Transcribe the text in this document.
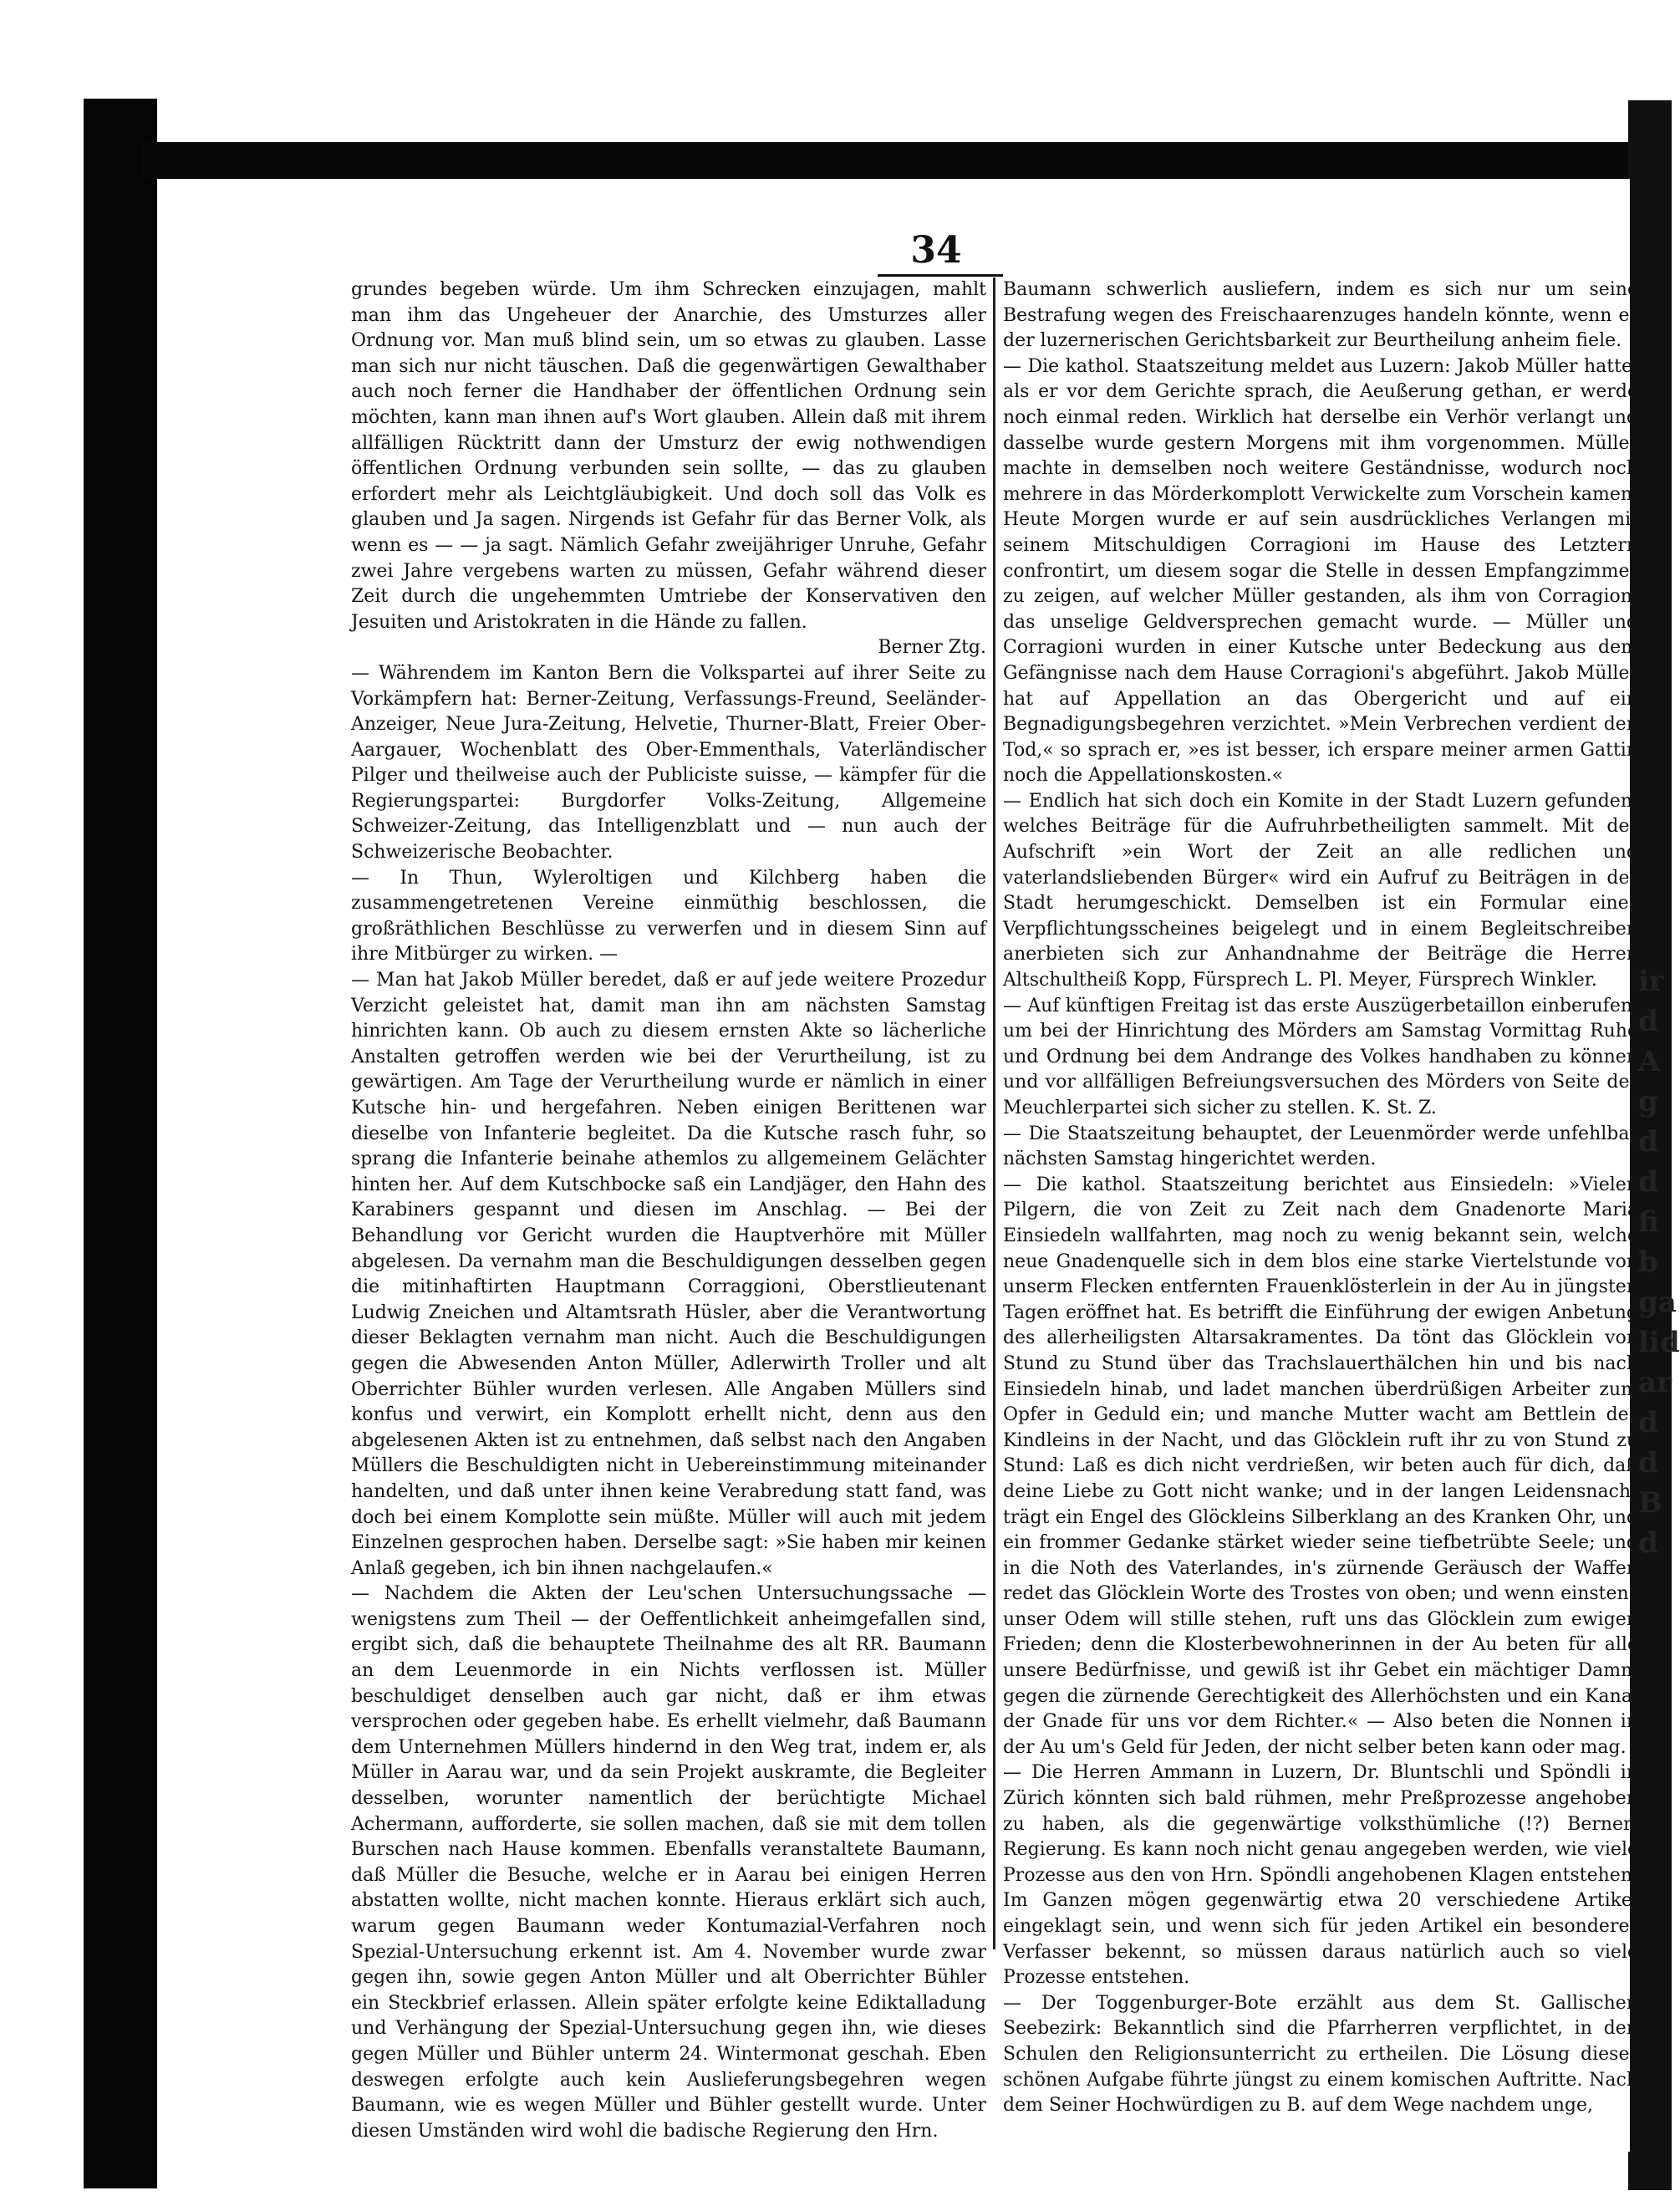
ir
d
A
g
d
d
fi
b
ga
lid
ar
d
d
B
d
34

grundes begeben würde. Um ihm Schrecken einzujagen, mahlt man ihm das Ungeheuer der Anarchie, des Umsturzes aller Ordnung vor. Man muß blind sein, um so etwas zu glauben. Lasse man sich nur nicht täuschen. Daß die gegenwärtigen Gewalthaber auch noch ferner die Handhaber der öffentlichen Ordnung sein möchten, kann man ihnen auf's Wort glauben. Allein daß mit ihrem allfälligen Rücktritt dann der Umsturz der ewig nothwendigen öffentlichen Ordnung verbunden sein sollte, — das zu glauben erfordert mehr als Leichtgläubigkeit. Und doch soll das Volk es glauben und Ja sagen. Nirgends ist Gefahr für das Berner Volk, als wenn es — — ja sagt. Nämlich Gefahr zweijähriger Unruhe, Gefahr zwei Jahre vergebens warten zu müssen, Gefahr während dieser Zeit durch die ungehemmten Umtriebe der Konservativen den Jesuiten und Aristokraten in die Hände zu fallen.

Berner Ztg.

— Währendem im Kanton Bern die Volkspartei auf ihrer Seite zu Vorkämpfern hat: Berner-Zeitung, Verfassungs-Freund, Seeländer-Anzeiger, Neue Jura-Zeitung, Helvetie, Thurner-Blatt, Freier Ober-Aargauer, Wochenblatt des Ober-Emmenthals, Vaterländischer Pilger und theilweise auch der Publiciste suisse, — kämpfer für die Regierungspartei: Burgdorfer Volks-Zeitung, Allgemeine Schweizer-Zeitung, das Intelligenzblatt und — nun auch der Schweizerische Beobachter.

— In Thun, Wyleroltigen und Kilchberg haben die zusammengetretenen Vereine einmüthig beschlossen, die großräthlichen Beschlüsse zu verwerfen und in diesem Sinn auf ihre Mitbürger zu wirken. —

— Man hat Jakob Müller beredet, daß er auf jede weitere Prozedur Verzicht geleistet hat, damit man ihn am nächsten Samstag hinrichten kann. Ob auch zu diesem ernsten Akte so lächerliche Anstalten getroffen werden wie bei der Verurtheilung, ist zu gewärtigen. Am Tage der Verurtheilung wurde er nämlich in einer Kutsche hin- und hergefahren. Neben einigen Berittenen war dieselbe von Infanterie begleitet. Da die Kutsche rasch fuhr, so sprang die Infanterie beinahe athemlos zu allgemeinem Gelächter hinten her. Auf dem Kutschbocke saß ein Landjäger, den Hahn des Karabiners gespannt und diesen im Anschlag. — Bei der Behandlung vor Gericht wurden die Hauptverhöre mit Müller abgelesen. Da vernahm man die Beschuldigungen desselben gegen die mitinhaftirten Hauptmann Corraggioni, Oberstlieutenant Ludwig Zneichen und Altamtsrath Hüsler, aber die Verantwortung dieser Beklagten vernahm man nicht. Auch die Beschuldigungen gegen die Abwesenden Anton Müller, Adlerwirth Troller und alt Oberrichter Bühler wurden verlesen. Alle Angaben Müllers sind konfus und verwirt, ein Komplott erhellt nicht, denn aus den abgelesenen Akten ist zu entnehmen, daß selbst nach den Angaben Müllers die Beschuldigten nicht in Uebereinstimmung miteinander handelten, und daß unter ihnen keine Verabredung statt fand, was doch bei einem Komplotte sein müßte. Müller will auch mit jedem Einzelnen gesprochen haben. Derselbe sagt: »Sie haben mir keinen Anlaß gegeben, ich bin ihnen nachgelaufen.«

— Nachdem die Akten der Leu'schen Untersuchungssache — wenigstens zum Theil — der Oeffentlichkeit anheimgefallen sind, ergibt sich, daß die behauptete Theilnahme des alt RR. Baumann an dem Leuenmorde in ein Nichts verflossen ist. Müller beschuldiget denselben auch gar nicht, daß er ihm etwas versprochen oder gegeben habe. Es erhellt vielmehr, daß Baumann dem Unternehmen Müllers hindernd in den Weg trat, indem er, als Müller in Aarau war, und da sein Projekt auskramte, die Begleiter desselben, worunter namentlich der berüchtigte Michael Achermann, aufforderte, sie sollen machen, daß sie mit dem tollen Burschen nach Hause kommen. Ebenfalls veranstaltete Baumann, daß Müller die Besuche, welche er in Aarau bei einigen Herren abstatten wollte, nicht machen konnte. Hieraus erklärt sich auch, warum gegen Baumann weder Kontumazial-Verfahren noch Spezial-Untersuchung erkennt ist. Am 4. November wurde zwar gegen ihn, sowie gegen Anton Müller und alt Oberrichter Bühler ein Steckbrief erlassen. Allein später erfolgte keine Ediktalladung und Verhängung der Spezial-Untersuchung gegen ihn, wie dieses gegen Müller und Bühler unterm 24. Wintermonat geschah. Eben deswegen erfolgte auch kein Auslieferungsbegehren wegen Baumann, wie es wegen Müller und Bühler gestellt wurde. Unter diesen Umständen wird wohl die badische Regierung den Hrn.

Baumann schwerlich ausliefern, indem es sich nur um seine Bestrafung wegen des Freischaarenzuges handeln könnte, wenn er der luzernerischen Gerichtsbarkeit zur Beurtheilung anheim fiele.

— Die kathol. Staatszeitung meldet aus Luzern: Jakob Müller hatte, als er vor dem Gerichte sprach, die Aeußerung gethan, er werde noch einmal reden. Wirklich hat derselbe ein Verhör verlangt und dasselbe wurde gestern Morgens mit ihm vorgenommen. Müller machte in demselben noch weitere Geständnisse, wodurch noch mehrere in das Mörderkomplott Verwickelte zum Vorschein kamen. Heute Morgen wurde er auf sein ausdrückliches Verlangen mit seinem Mitschuldigen Corragioni im Hause des Letztern confrontirt, um diesem sogar die Stelle in dessen Empfangzimmer zu zeigen, auf welcher Müller gestanden, als ihm von Corragioni das unselige Geldversprechen gemacht wurde. — Müller und Corragioni wurden in einer Kutsche unter Bedeckung aus dem Gefängnisse nach dem Hause Corragioni's abgeführt. Jakob Müller hat auf Appellation an das Obergericht und auf ein Begnadigungsbegehren verzichtet. »Mein Verbrechen verdient den Tod,« so sprach er, »es ist besser, ich erspare meiner armen Gattin noch die Appellationskosten.«

— Endlich hat sich doch ein Komite in der Stadt Luzern gefunden, welches Beiträge für die Aufruhrbetheiligten sammelt. Mit der Aufschrift »ein Wort der Zeit an alle redlichen und vaterlandsliebenden Bürger« wird ein Aufruf zu Beiträgen in der Stadt herumgeschickt. Demselben ist ein Formular eines Verpflichtungsscheines beigelegt und in einem Begleitschreiben anerbieten sich zur Anhandnahme der Beiträge die Herren Altschultheiß Kopp, Fürsprech L. Pl. Meyer, Fürsprech Winkler.

— Auf künftigen Freitag ist das erste Auszügerbetaillon einberufen, um bei der Hinrichtung des Mörders am Samstag Vormittag Ruhe und Ordnung bei dem Andrange des Volkes handhaben zu können und vor allfälligen Befreiungsversuchen des Mörders von Seite der Meuchlerpartei sich sicher zu stellen. K. St. Z.

— Die Staatszeitung behauptet, der Leuenmörder werde unfehlbar nächsten Samstag hingerichtet werden.

— Die kathol. Staatszeitung berichtet aus Einsiedeln: »Vielen Pilgern, die von Zeit zu Zeit nach dem Gnadenorte Maria Einsiedeln wallfahrten, mag noch zu wenig bekannt sein, welche neue Gnadenquelle sich in dem blos eine starke Viertelstunde von unserm Flecken entfernten Frauenklösterlein in der Au in jüngsten Tagen eröffnet hat. Es betrifft die Einführung der ewigen Anbetung des allerheiligsten Altarsakramentes. Da tönt das Glöcklein von Stund zu Stund über das Trachslauerthälchen hin und bis nach Einsiedeln hinab, und ladet manchen überdrüßigen Arbeiter zum Opfer in Geduld ein; und manche Mutter wacht am Bettlein des Kindleins in der Nacht, und das Glöcklein ruft ihr zu von Stund zu Stund: Laß es dich nicht verdrießen, wir beten auch für dich, daß deine Liebe zu Gott nicht wanke; und in der langen Leidensnacht trägt ein Engel des Glöckleins Silberklang an des Kranken Ohr, und ein frommer Gedanke stärket wieder seine tiefbetrübte Seele; und in die Noth des Vaterlandes, in's zürnende Geräusch der Waffen redet das Glöcklein Worte des Trostes von oben; und wenn einstens unser Odem will stille stehen, ruft uns das Glöcklein zum ewigen Frieden; denn die Klosterbewohnerinnen in der Au beten für alle unsere Bedürfnisse, und gewiß ist ihr Gebet ein mächtiger Damm gegen die zürnende Gerechtigkeit des Allerhöchsten und ein Kanal der Gnade für uns vor dem Richter.« — Also beten die Nonnen in der Au um's Geld für Jeden, der nicht selber beten kann oder mag.

— Die Herren Ammann in Luzern, Dr. Bluntschli und Spöndli in Zürich könnten sich bald rühmen, mehr Preßprozesse angehoben zu haben, als die gegenwärtige volksthümliche (!?) Berner-Regierung. Es kann noch nicht genau angegeben werden, wie viele Prozesse aus den von Hrn. Spöndli angehobenen Klagen entstehen. Im Ganzen mögen gegenwärtig etwa 20 verschiedene Artikel eingeklagt sein, und wenn sich für jeden Artikel ein besonderer Verfasser bekennt, so müssen daraus natürlich auch so viele Prozesse entstehen.

— Der Toggenburger-Bote erzählt aus dem St. Gallischen Seebezirk: Bekanntlich sind die Pfarrherren verpflichtet, in den Schulen den Religionsunterricht zu ertheilen. Die Lösung dieser schönen Aufgabe führte jüngst zu einem komischen Auftritte. Nach dem Seiner Hochwürdigen zu B. auf dem Wege nachdem unge,
